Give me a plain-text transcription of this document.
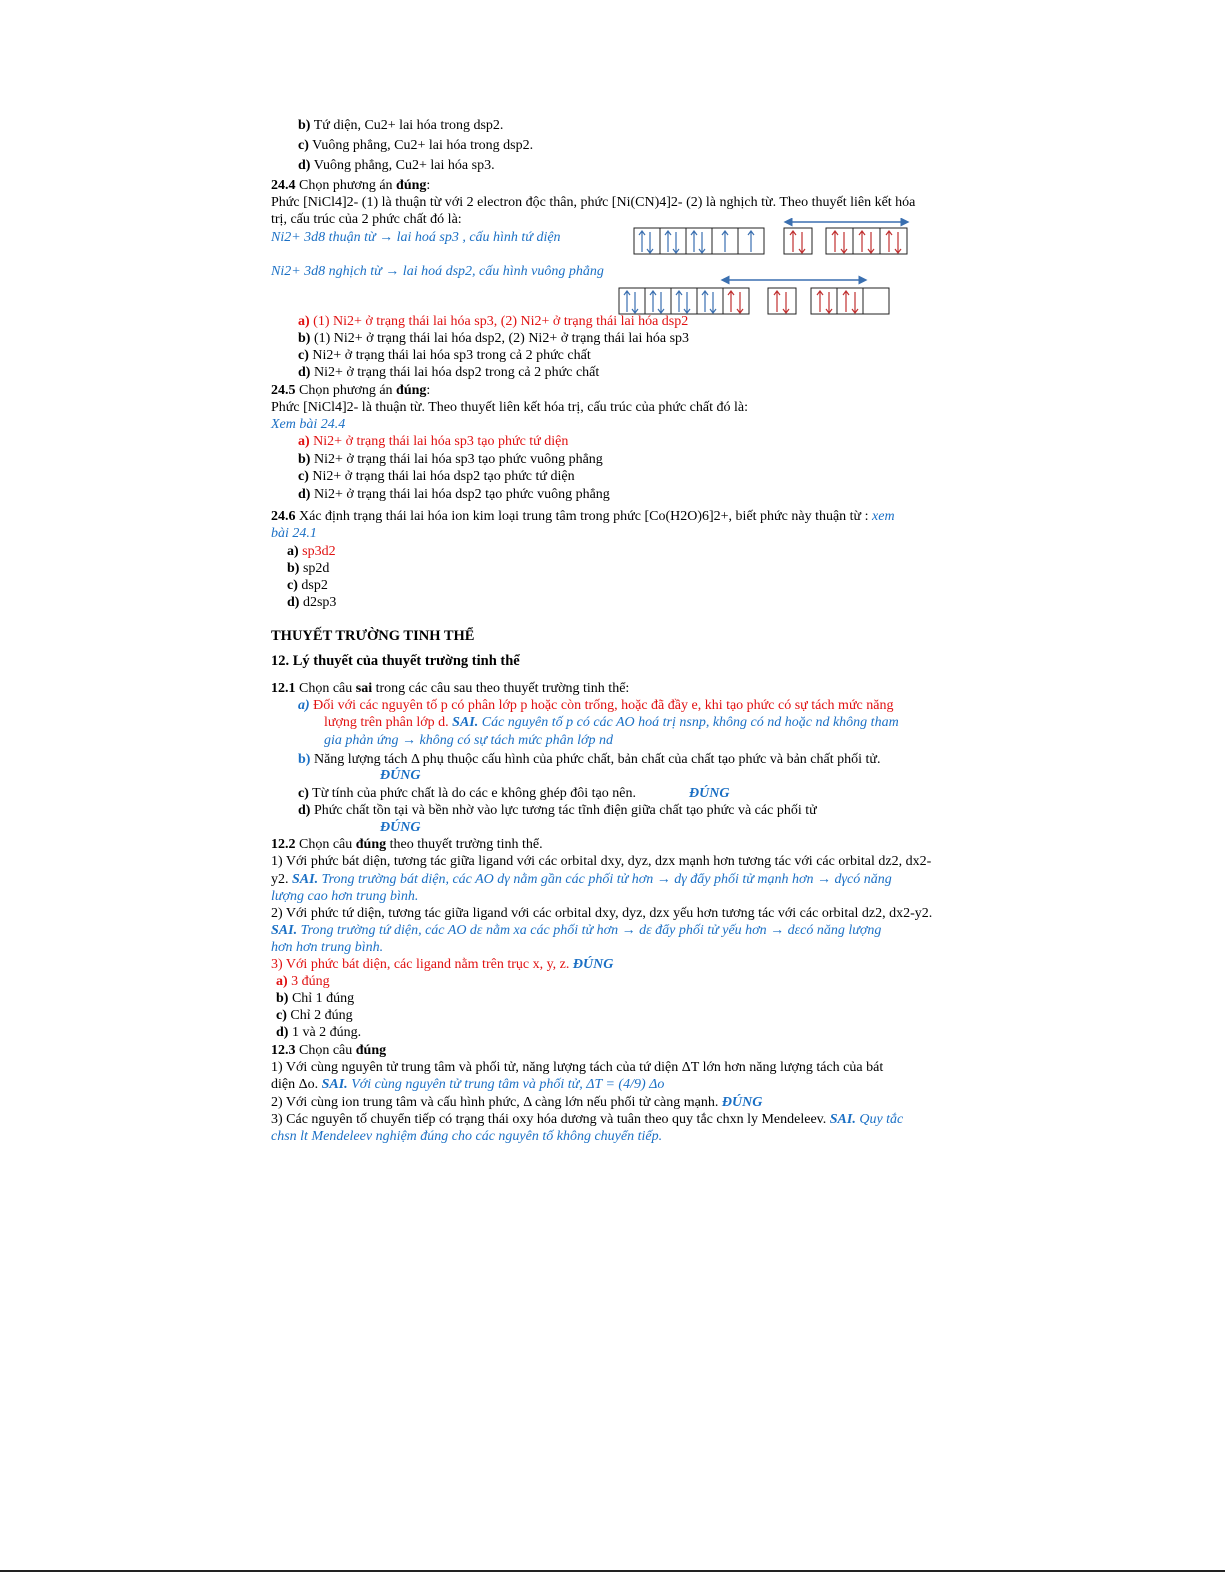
b) Tứ diện, Cu2+ lai hóa trong dsp2.
c) Vuông phẳng, Cu2+ lai hóa trong dsp2.
d) Vuông phẳng, Cu2+ lai hóa sp3.
24.4 Chọn phương án đúng:
Phức [NiCl4]2- (1) là thuận từ với 2 electron độc thân, phức [Ni(CN)4]2- (2) là nghịch từ. Theo thuyết liên kết hóa
trị, cấu trúc của 2 phức chất đó là:
Ni2+ 3d8 thuận từ → lai hoá sp3 , cấu hình tứ diện
Ni2+ 3d8 nghịch từ → lai hoá dsp2, cấu hình vuông phẳng
a) (1) Ni2+ ở trạng thái lai hóa sp3, (2) Ni2+ ở trạng thái lai hóa dsp2
b) (1) Ni2+ ở trạng thái lai hóa dsp2, (2) Ni2+ ở trạng thái lai hóa sp3
c) Ni2+ ở trạng thái lai hóa sp3 trong cả 2 phức chất
d) Ni2+ ở trạng thái lai hóa dsp2 trong cả 2 phức chất
24.5 Chọn phương án đúng:
Phức [NiCl4]2- là thuận từ. Theo thuyết liên kết hóa trị, cấu trúc của phức chất đó là:
Xem bài 24.4
a) Ni2+ ở trạng thái lai hóa sp3 tạo phức tứ diện
b) Ni2+ ở trạng thái lai hóa sp3 tạo phức vuông phẳng
c) Ni2+ ở trạng thái lai hóa dsp2 tạo phức tứ diện
d) Ni2+ ở trạng thái lai hóa dsp2 tạo phức vuông phẳng
24.6 Xác định trạng thái lai hóa ion kim loại trung tâm trong phức [Co(H2O)6]2+, biết phức này thuận từ : xem
bài 24.1
a) sp3d2
b) sp2d
c) dsp2
d) d2sp3
THUYẾT TRƯỜNG TINH THỂ
12. Lý thuyết của thuyết trường tinh thể
12.1 Chọn câu sai trong các câu sau theo thuyết trường tinh thể:
a) Đối với các nguyên tố p có phân lớp p hoặc còn trống, hoặc đã đầy e, khi tạo phức có sự tách mức năng
lượng trên phân lớp d. SAI. Các nguyên tố p có các AO hoá trị nsnp, không có nd hoặc nd không tham
gia phản ứng → không có sự tách mức phân lớp nd
b) Năng lượng tách Δ phụ thuộc cấu hình của phức chất, bản chất của chất tạo phức và bản chất phối tử.
ĐÚNG
c) Từ tính của phức chất là do các e không ghép đôi tạo nên.	ĐÚNG
d) Phức chất tồn tại và bền nhờ vào lực tương tác tĩnh điện giữa chất tạo phức và các phối tử
ĐÚNG
12.2 Chọn câu đúng theo thuyết trường tinh thể.
1) Với phức bát diện, tương tác giữa ligand với các orbital dxy, dyz, dzx mạnh hơn tương tác với các orbital dz2, dx2-
y2. SAI. Trong trường bát diện, các AO dγ nằm gần các phối tử hơn → dγ đẩy phối tử mạnh hơn → dγcó năng
lượng cao hơn trung bình.
2) Với phức tứ diện, tương tác giữa ligand với các orbital dxy, dyz, dzx yếu hơn tương tác với các orbital dz2, dx2-y2.
SAI. Trong trường tứ diện, các AO dε nằm xa các phối tử hơn → dε đẩy phối tử yếu hơn → dεcó năng lượng
hơn hơn trung bình.
3) Với phức bát diện, các ligand nằm trên trục x, y, z. ĐÚNG
a) 3 đúng
b) Chỉ 1 đúng
c) Chỉ 2 đúng
d) 1 và 2 đúng.
12.3 Chọn câu đúng
1) Với cùng nguyên tử trung tâm và phối tử, năng lượng tách của tứ diện ΔT lớn hơn năng lượng tách của bát
diện Δo. SAI. Với cùng nguyên tử trung tâm và phối tử, ΔT = (4/9) Δo
2) Với cùng ion trung tâm và cấu hình phức, Δ càng lớn nếu phối tử càng mạnh. ĐÚNG
3) Các nguyên tố chuyển tiếp có trạng thái oxy hóa dương và tuân theo quy tắc chxn ly Mendeleev. SAI. Quy tắc
chsn lt Mendeleev nghiệm đúng cho các nguyên tố không chuyển tiếp.
